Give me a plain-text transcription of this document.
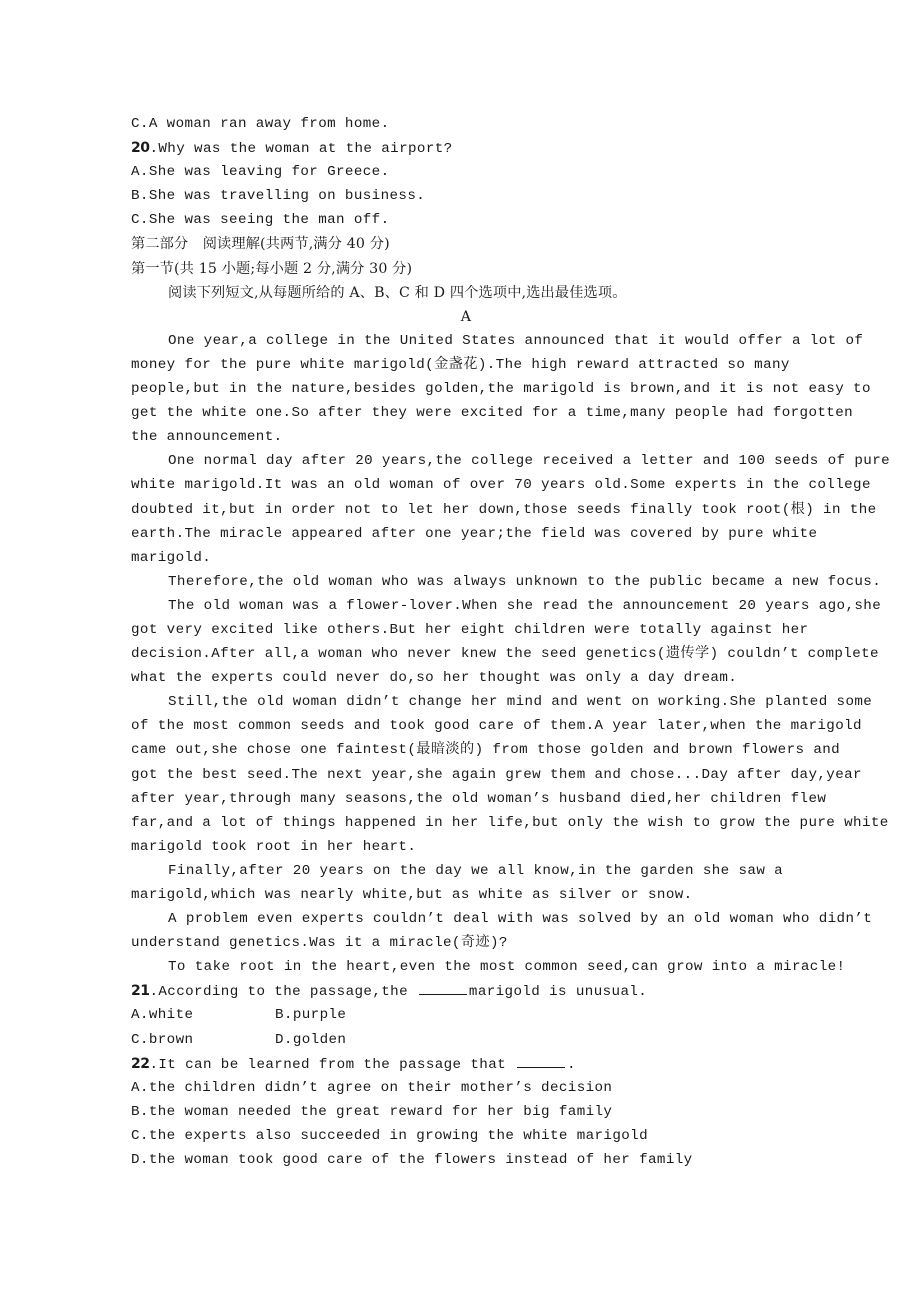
C.A woman ran away from home.
20.Why was the woman at the airport?
A.She was leaving for Greece.
B.She was travelling on business.
C.She was seeing the man off.
第二部分　阅读理解(共两节,满分 40 分)
第一节(共 15 小题;每小题 2 分,满分 30 分)
阅读下列短文,从每题所给的 A、B、C 和 D 四个选项中,选出最佳选项。
A
One year,a college in the United States announced that it would offer a lot of
money for the pure white marigold(金盏花).The high reward attracted so many
people,but in the nature,besides golden,the marigold is brown,and it is not easy to
get the white one.So after they were excited for a time,many people had forgotten
the announcement.
One normal day after 20 years,the college received a letter and 100 seeds of pure
white marigold.It was an old woman of over 70 years old.Some experts in the college
doubted it,but in order not to let her down,those seeds finally took root(根) in the
earth.The miracle appeared after one year;the field was covered by pure white
marigold.
Therefore,the old woman who was always unknown to the public became a new focus.
The old woman was a flower-lover.When she read the announcement 20 years ago,she
got very excited like others.But her eight children were totally against her
decision.After all,a woman who never knew the seed genetics(遗传学) couldn’t complete
what the experts could never do,so her thought was only a day dream.
Still,the old woman didn’t change her mind and went on working.She planted some
of the most common seeds and took good care of them.A year later,when the marigold
came out,she chose one faintest(最暗淡的) from those golden and brown flowers and
got the best seed.The next year,she again grew them and chose...Day after day,year
after year,through many seasons,the old woman’s husband died,her children flew
far,and a lot of things happened in her life,but only the wish to grow the pure white
marigold took root in her heart.
Finally,after 20 years on the day we all know,in the garden she saw a
marigold,which was nearly white,but as white as silver or snow.
A problem even experts couldn’t deal with was solved by an old woman who didn’t
understand genetics.Was it a miracle(奇迹)?
To take root in the heart,even the most common seed,can grow into a miracle!
21.According to the passage,the	marigold is unusual.
A.white	B.purple
C.brown	D.golden
22.It can be learned from the passage that	.
A.the children didn’t agree on their mother’s decision
B.the woman needed the great reward for her big family
C.the experts also succeeded in growing the white marigold
D.the woman took good care of the flowers instead of her family
